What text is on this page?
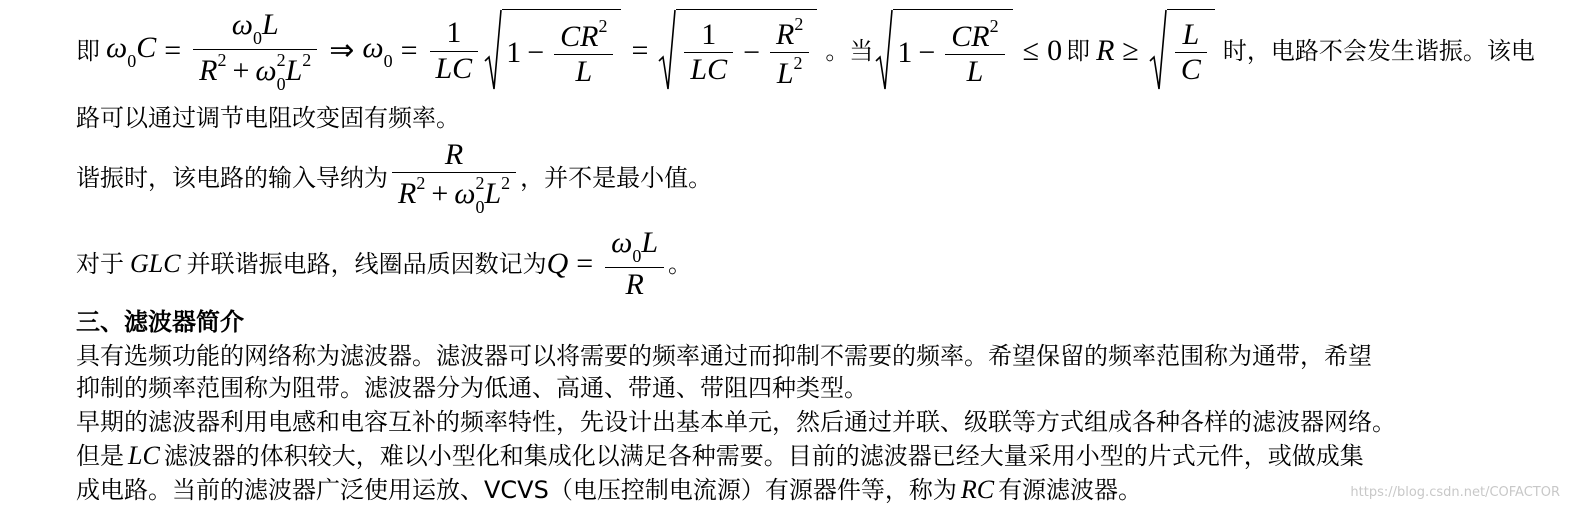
即 $\omega_0C = \frac{\omega_0L}{R^2 + \omega^2_0L^2}$ ⇒ $\omega_0 = \frac{1}{LC} 1 - \frac{CR^2}{L} = \frac{1}{LC} - \frac{R^2}{L^2}$ 。当 $1 - \frac{CR^2}{L} \le 0$ 即 $R \ge \frac{L}{C}$ 时，电路不会发生谐振。该电
路可以通过调节电阻改变固有频率。
谐振时，该电路的输入导纳为 $\frac{R}{R^2 + \omega^2_0L^2}$ ，并不是最小值。
对于 GLC 并联谐振电路，线圈品质因数记为 $Q = \frac{\omega_0L}{R}$ 。
三、滤波器简介
具有选频功能的网络称为滤波器。滤波器可以将需要的频率通过而抑制不需要的频率。希望保留的频率范围称为通带，希望
抑制的频率范围称为阻带。滤波器分为低通、高通、带通、带阻四种类型。
早期的滤波器利用电感和电容互补的频率特性，先设计出基本单元，然后通过并联、级联等方式组成各种各样的滤波器网络。
但是 LC 滤波器的体积较大，难以小型化和集成化以满足各种需要。目前的滤波器已经大量采用小型的片式元件，或做成集
成电路。当前的滤波器广泛使用运放、VCVS（电压控制电流源）有源器件等，称为 RC 有源滤波器。	https://blog.csdn.net/COFACTOR
